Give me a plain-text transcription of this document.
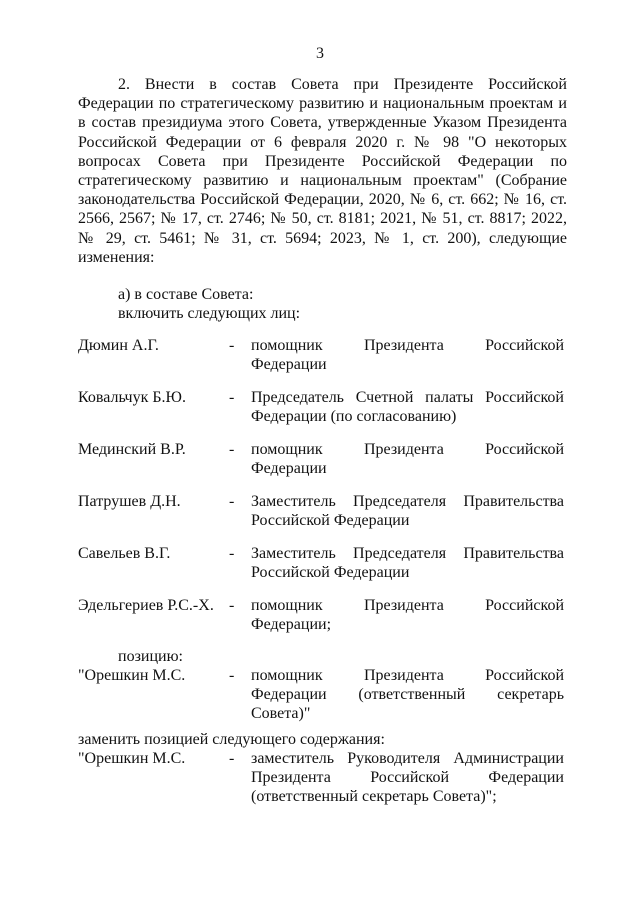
3
2. Внести в состав Совета при Президенте Российской Федерации по стратегическому развитию и национальным проектам и в состав президиума этого Совета, утвержденные Указом Президента Российской Федерации от 6 февраля 2020 г. № 98 "О некоторых вопросах Совета при Президенте Российской Федерации по стратегическому развитию и национальным проектам" (Собрание законодательства Российской Федерации, 2020, № 6, ст. 662; № 16, ст. 2566, 2567; № 17, ст. 2746; № 50, ст. 8181; 2021, № 51, ст. 8817; 2022, № 29, ст. 5461; № 31, ст. 5694; 2023, № 1, ст. 200), следующие изменения:
а) в составе Совета:
включить следующих лиц:
Дюмин А.Г.	- помощник Президента Российской
Федерации
Ковальчук Б.Ю.	- Председатель Счетной палаты Российской
Федерации (по согласованию)
Мединский В.Р.	- помощник Президента Российской
Федерации
Патрушев Д.Н.	- Заместитель Председателя Правительства
Российской Федерации
Савельев В.Г.	- Заместитель Председателя Правительства
Российской Федерации
Эдельгериев Р.С.-Х. - помощник Президента Российской
Федерации;
позицию:
"Орешкин М.С.	- помощник Президента Российской
Федерации (ответственный секретарь
Совета)"
заменить позицией следующего содержания:
"Орешкин М.С.	- заместитель Руководителя Администрации
Президента Российской Федерации
(ответственный секретарь Совета)";
